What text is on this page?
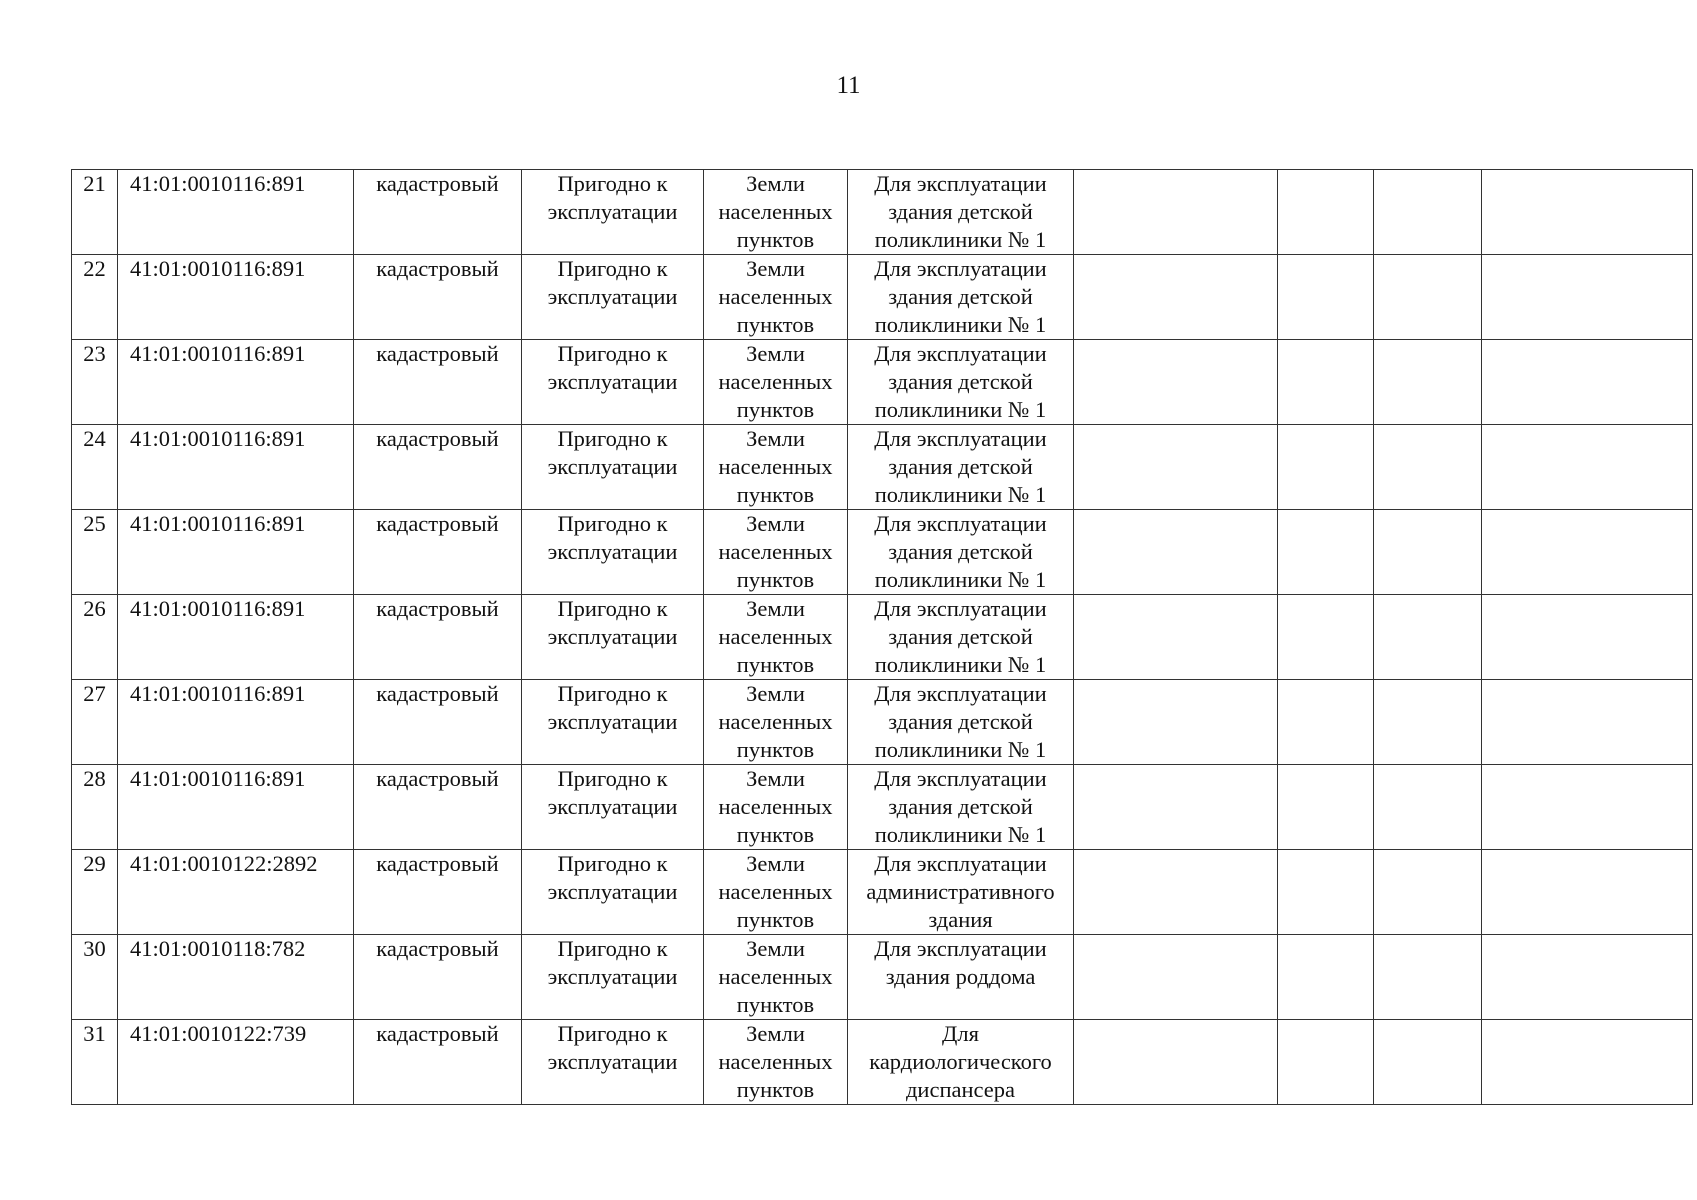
11
21	41:01:0010116:891	кадастровый	Пригодно к эксплуатации	Земли населенных пунктов	Для эксплуатации здания детской поликлиники № 1				
22	41:01:0010116:891	кадастровый	Пригодно к эксплуатации	Земли населенных пунктов	Для эксплуатации здания детской поликлиники № 1				
23	41:01:0010116:891	кадастровый	Пригодно к эксплуатации	Земли населенных пунктов	Для эксплуатации здания детской поликлиники № 1				
24	41:01:0010116:891	кадастровый	Пригодно к эксплуатации	Земли населенных пунктов	Для эксплуатации здания детской поликлиники № 1				
25	41:01:0010116:891	кадастровый	Пригодно к эксплуатации	Земли населенных пунктов	Для эксплуатации здания детской поликлиники № 1				
26	41:01:0010116:891	кадастровый	Пригодно к эксплуатации	Земли населенных пунктов	Для эксплуатации здания детской поликлиники № 1				
27	41:01:0010116:891	кадастровый	Пригодно к эксплуатации	Земли населенных пунктов	Для эксплуатации здания детской поликлиники № 1				
28	41:01:0010116:891	кадастровый	Пригодно к эксплуатации	Земли населенных пунктов	Для эксплуатации здания детской поликлиники № 1				
29	41:01:0010122:2892	кадастровый	Пригодно к эксплуатации	Земли населенных пунктов	Для эксплуатации административного здания				
30	41:01:0010118:782	кадастровый	Пригодно к эксплуатации	Земли населенных пунктов	Для эксплуатации здания роддома				
31	41:01:0010122:739	кадастровый	Пригодно к эксплуатации	Земли населенных пунктов	Для кардиологического диспансера				
